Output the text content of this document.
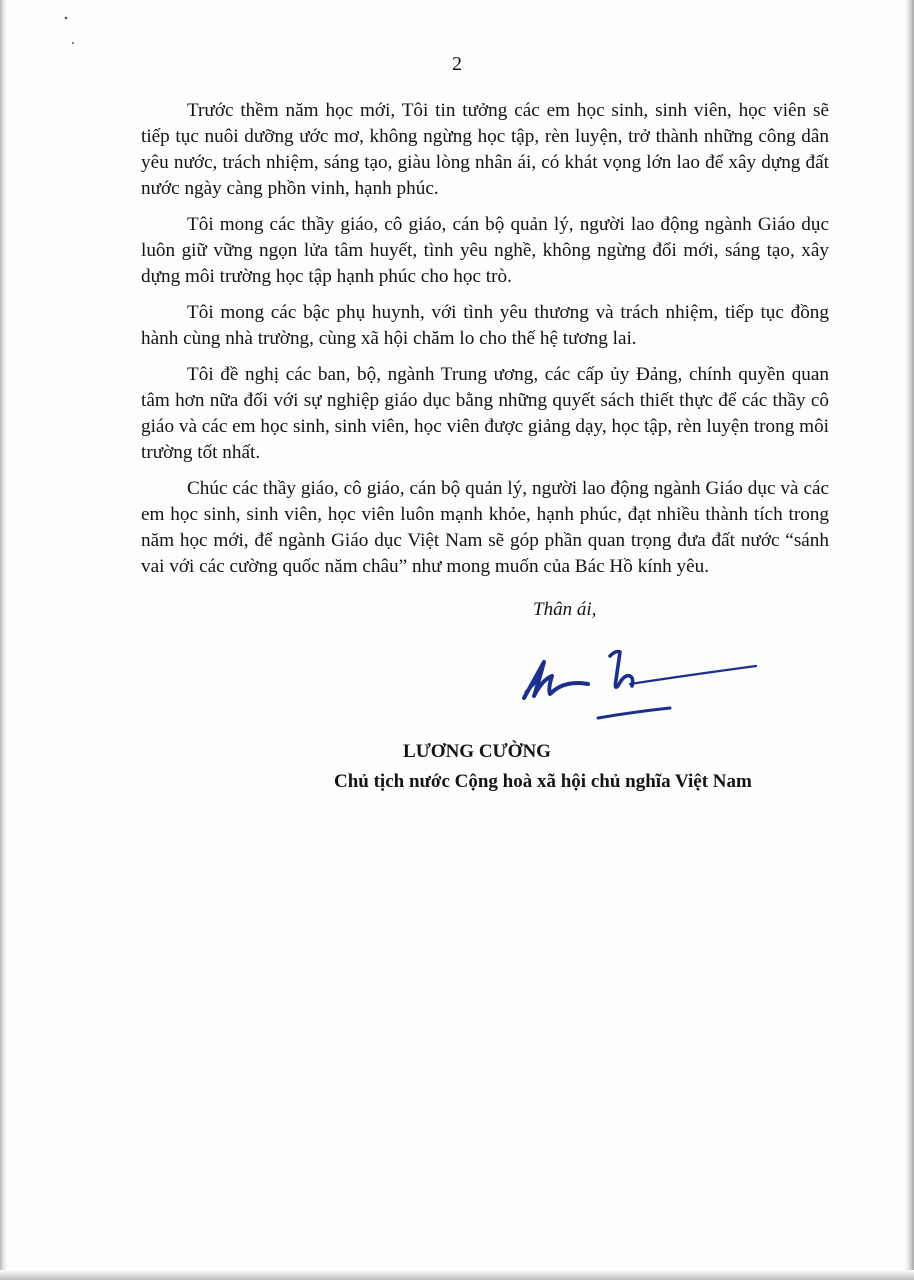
2

Trước thềm năm học mới, Tôi tin tưởng các em học sinh, sinh viên, học viên sẽ tiếp tục nuôi dưỡng ước mơ, không ngừng học tập, rèn luyện, trở thành những công dân yêu nước, trách nhiệm, sáng tạo, giàu lòng nhân ái, có khát vọng lớn lao để xây dựng đất nước ngày càng phồn vinh, hạnh phúc.

Tôi mong các thầy giáo, cô giáo, cán bộ quản lý, người lao động ngành Giáo dục luôn giữ vững ngọn lửa tâm huyết, tình yêu nghề, không ngừng đổi mới, sáng tạo, xây dựng môi trường học tập hạnh phúc cho học trò.

Tôi mong các bậc phụ huynh, với tình yêu thương và trách nhiệm, tiếp tục đồng hành cùng nhà trường, cùng xã hội chăm lo cho thế hệ tương lai.

Tôi đề nghị các ban, bộ, ngành Trung ương, các cấp ủy Đảng, chính quyền quan tâm hơn nữa đối với sự nghiệp giáo dục bằng những quyết sách thiết thực để các thầy cô giáo và các em học sinh, sinh viên, học viên được giảng dạy, học tập, rèn luyện trong môi trường tốt nhất.

Chúc các thầy giáo, cô giáo, cán bộ quản lý, người lao động ngành Giáo dục và các em học sinh, sinh viên, học viên luôn mạnh khỏe, hạnh phúc, đạt nhiều thành tích trong năm học mới, để ngành Giáo dục Việt Nam sẽ góp phần quan trọng đưa đất nước “sánh vai với các cường quốc năm châu” như mong muốn của Bác Hồ kính yêu.

Thân ái,
LƯƠNG CƯỜNG
Chủ tịch nước Cộng hoà xã hội chủ nghĩa Việt Nam
